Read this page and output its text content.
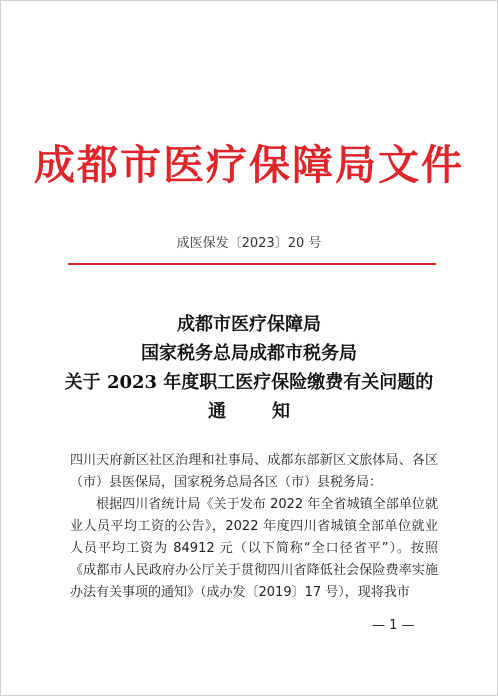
成都市医疗保障局文件
成医保发〔2023〕20 号
成都市医疗保障局
国家税务总局成都市税务局
关于 2023 年度职工医疗保险缴费有关问题的
通　知

四川天府新区社区治理和社事局、成都东部新区文旅体局、各区（市）县医保局，国家税务总局各区（市）县税务局：

根据四川省统计局《关于发布 2022 年全省城镇全部单位就业人员平均工资的公告》，2022 年度四川省城镇全部单位就业人员平均工资为 84912 元（以下简称“全口径省平”）。按照《成都市人民政府办公厅关于贯彻四川省降低社会保险费率实施办法有关事项的通知》（成办发〔2019〕17 号），现将我市

— 1 —
